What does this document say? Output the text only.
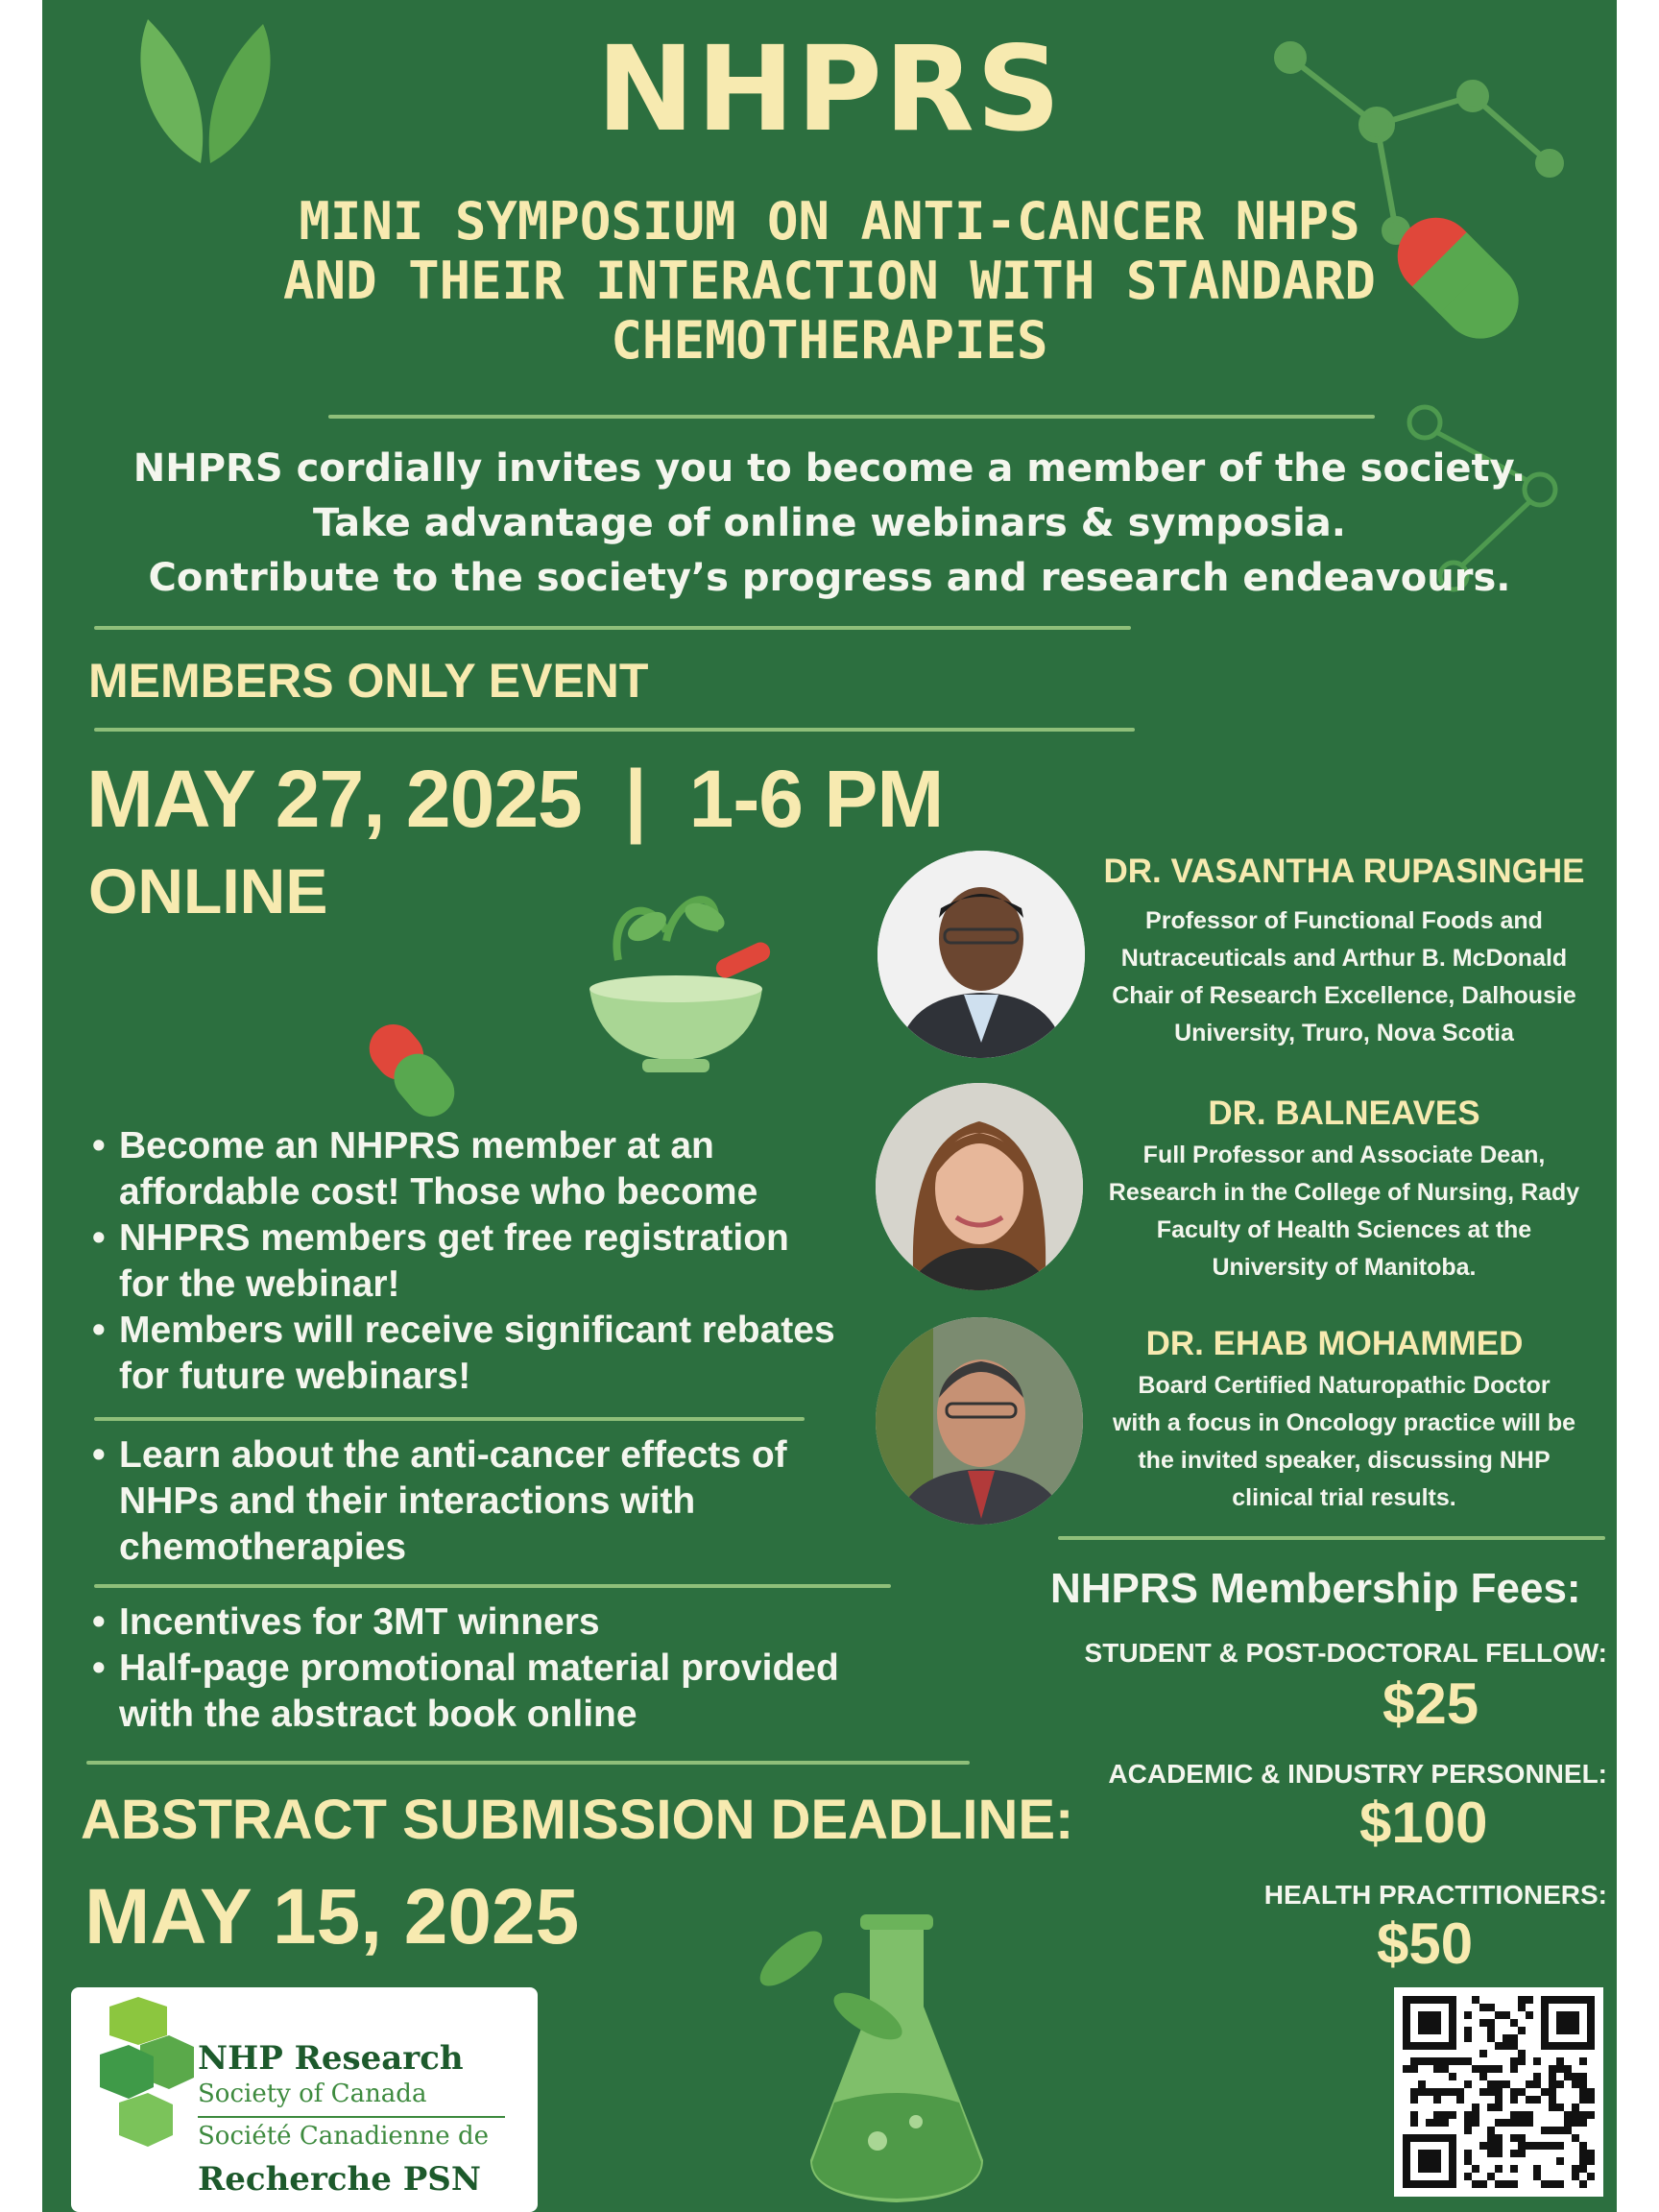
NHPRS
MINI SYMPOSIUM ON ANTI-CANCER NHPS
AND THEIR INTERACTION WITH STANDARD
CHEMOTHERAPIES
NHPRS cordially invites you to become a member of the society.
Take advantage of online webinars & symposia.
Contribute to the society’s progress and research endeavours.
MEMBERS ONLY EVENT
MAY 27, 2025  |  1-6 PM
ONLINE
• Become an NHPRS member at an affordable cost! Those who become
• NHPRS members get free registration for the webinar!
• Members will receive significant rebates for future webinars!
• Learn about the anti-cancer effects of NHPs and their interactions with chemotherapies
• Incentives for 3MT winners
• Half-page promotional material provided with the abstract book online
DR. VASANTHA RUPASINGHE
Professor of Functional Foods and
Nutraceuticals and Arthur B. McDonald
Chair of Research Excellence, Dalhousie
University, Truro, Nova Scotia
DR. BALNEAVES
Full Professor and Associate Dean,
Research in the College of Nursing, Rady
Faculty of Health Sciences at the
University of Manitoba.
DR. EHAB MOHAMMED
Board Certified Naturopathic Doctor
with a focus in Oncology practice will be
the invited speaker, discussing NHP
clinical trial results.
NHPRS Membership Fees:
STUDENT & POST-DOCTORAL FELLOW:
$25
ACADEMIC & INDUSTRY PERSONNEL:
$100
HEALTH PRACTITIONERS:
$50
ABSTRACT SUBMISSION DEADLINE:
MAY 15, 2025
NHP Research
Society of Canada
Société Canadienne de
Recherche PSN
